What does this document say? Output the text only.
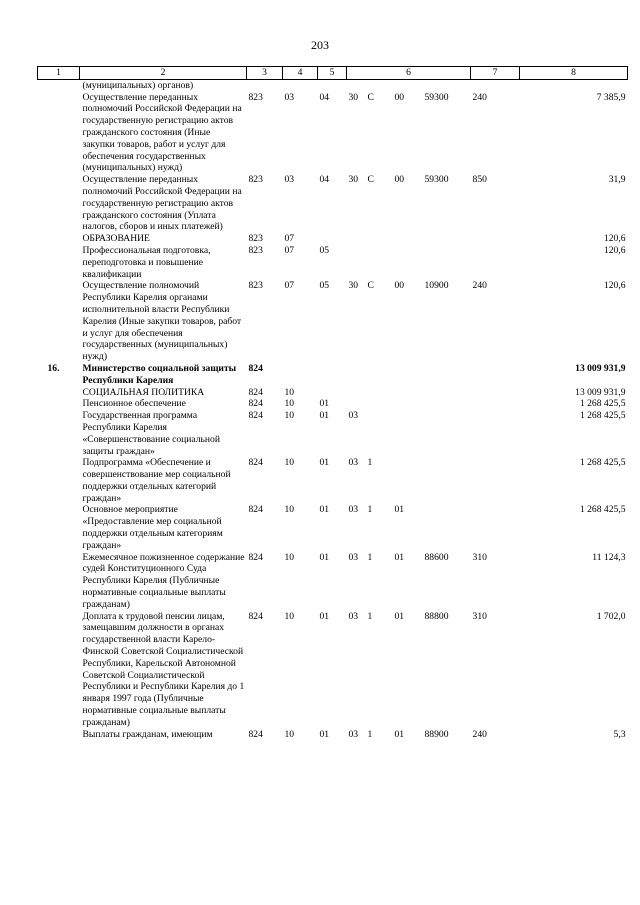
203
1	2	3	4	5	6					7	8
	(муниципальных) органов)										
	Осуществление переданных полномочий Российской Федерации на государственную регистрацию актов гражданского состояния (Иные закупки товаров, работ и услуг для обеспечения государственных (муниципальных) нужд)	823	03	04	30	С		00	59300	240	7 385,9
	Осуществление переданных полномочий Российской Федерации на государственную регистрацию актов гражданского состояния (Уплата налогов, сборов и иных платежей)	823	03	04	30	С		00	59300	850	31,9
	ОБРАЗОВАНИЕ	823	07								120,6
	Профессиональная подготовка, переподготовка и повышение квалификации	823	07	05							120,6
	Осуществление полномочий Республики Карелия органами исполнительной власти Республики Карелия (Иные закупки товаров, работ и услуг для обеспечения государственных (муниципальных) нужд)	823	07	05	30	С		00	10900	240	120,6
16.	Министерство социальной защиты Республики Карелия	824									13 009 931,9
	СОЦИАЛЬНАЯ ПОЛИТИКА	824	10								13 009 931,9
	Пенсионное обеспечение	824	10	01							1 268 425,5
	Государственная программа Республики Карелия «Совершенствование социальной защиты граждан»	824	10	01	03						1 268 425,5
	Подпрограмма «Обеспечение и совершенствование мер социальной поддержки отдельных категорий граждан»	824	10	01	03	1					1 268 425,5
	Основное мероприятие «Предоставление мер социальной поддержки отдельным категориям граждан»	824	10	01	03	1		01			1 268 425,5
	Ежемесячное пожизненное содержание судей Конституционного Суда Республики Карелия (Публичные нормативные социальные выплаты гражданам)	824	10	01	03	1		01	88600	310	11 124,3
	Доплата к трудовой пенсии лицам, замещавшим должности в органах государственной власти Карело-Финской Советской Социалистической Республики, Карельской Автономной Советской Социалистической Республики и Республики Карелия до 1 января 1997 года (Публичные нормативные социальные выплаты гражданам)	824	10	01	03	1		01	88800	310	1 702,0
	Выплаты гражданам, имеющим	824	10	01	03	1		01	88900	240	5,3
